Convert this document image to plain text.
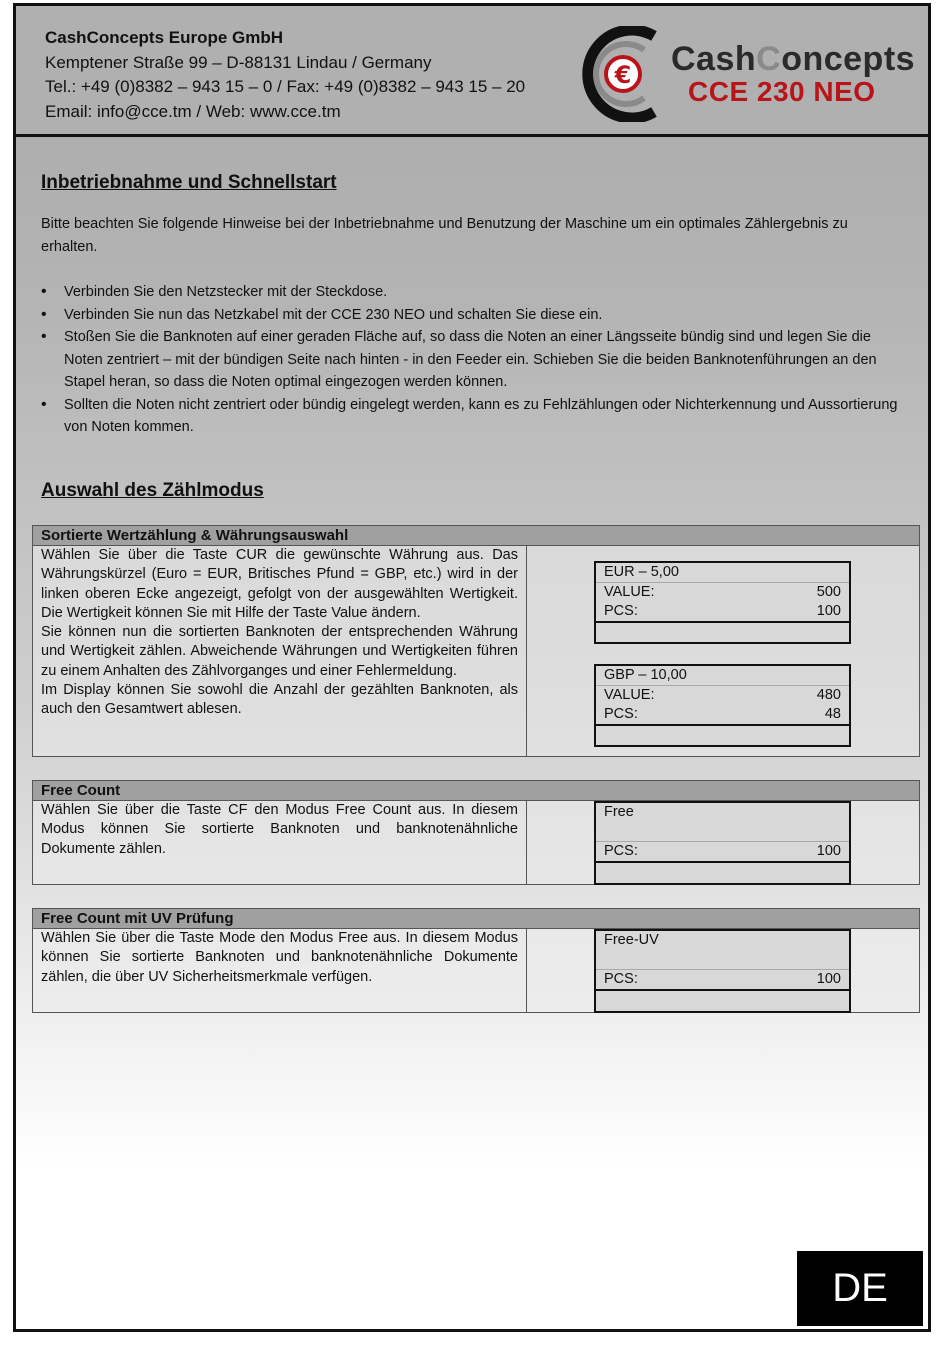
CashConcepts Europe GmbH
Kemptener Straße 99 – D-88131 Lindau / Germany
Tel.: +49 (0)8382 – 943 15 – 0 / Fax: +49 (0)8382 – 943 15 – 20
Email: info@cce.tm / Web: www.cce.tm
€ CashConcepts
CCE 230 NEO
Inbetriebnahme und Schnellstart
Bitte beachten Sie folgende Hinweise bei der Inbetriebnahme und Benutzung der Maschine um ein optimales Zählergebnis zu erhalten.
• Verbinden Sie den Netzstecker mit der Steckdose.
• Verbinden Sie nun das Netzkabel mit der CCE 230 NEO und schalten Sie diese ein.
• Stoßen Sie die Banknoten auf einer geraden Fläche auf, so dass die Noten an einer Längsseite bündig sind und legen Sie die Noten zentriert – mit der bündigen Seite nach hinten - in den Feeder ein. Schieben Sie die beiden Banknotenführungen an den Stapel heran, so dass die Noten optimal eingezogen werden können.
• Sollten die Noten nicht zentriert oder bündig eingelegt werden, kann es zu Fehlzählungen oder Nichterkennung und Aussortierung von Noten kommen.
Auswahl des Zählmodus
Sortierte Wertzählung & Währungsauswahl
Wählen Sie über die Taste CUR die gewünschte Währung aus. Das Währungskürzel (Euro = EUR, Britisches Pfund = GBP, etc.) wird in der linken oberen Ecke angezeigt, gefolgt von der ausgewählten Wertigkeit. Die Wertigkeit können Sie mit Hilfe der Taste Value ändern.
Sie können nun die sortierten Banknoten der entsprechenden Währung und Wertigkeit zählen. Abweichende Währungen und Wertigkeiten führen zu einem Anhalten des Zählvorganges und einer Fehlermeldung.
Im Display können Sie sowohl die Anzahl der gezählten Banknoten, als auch den Gesamtwert ablesen.
EUR – 5,00
VALUE:	500
PCS:	100
GBP – 10,00
VALUE:	480
PCS:	48
Free Count
Wählen Sie über die Taste CF den Modus Free Count aus. In diesem Modus können Sie sortierte Banknoten und banknotenähnliche Dokumente zählen.
Free
PCS:	100
Free Count mit UV Prüfung
Wählen Sie über die Taste Mode den Modus Free aus. In diesem Modus können Sie sortierte Banknoten und banknotenähnliche Dokumente zählen, die über UV Sicherheitsmerkmale verfügen.
Free-UV
PCS:	100
DE
